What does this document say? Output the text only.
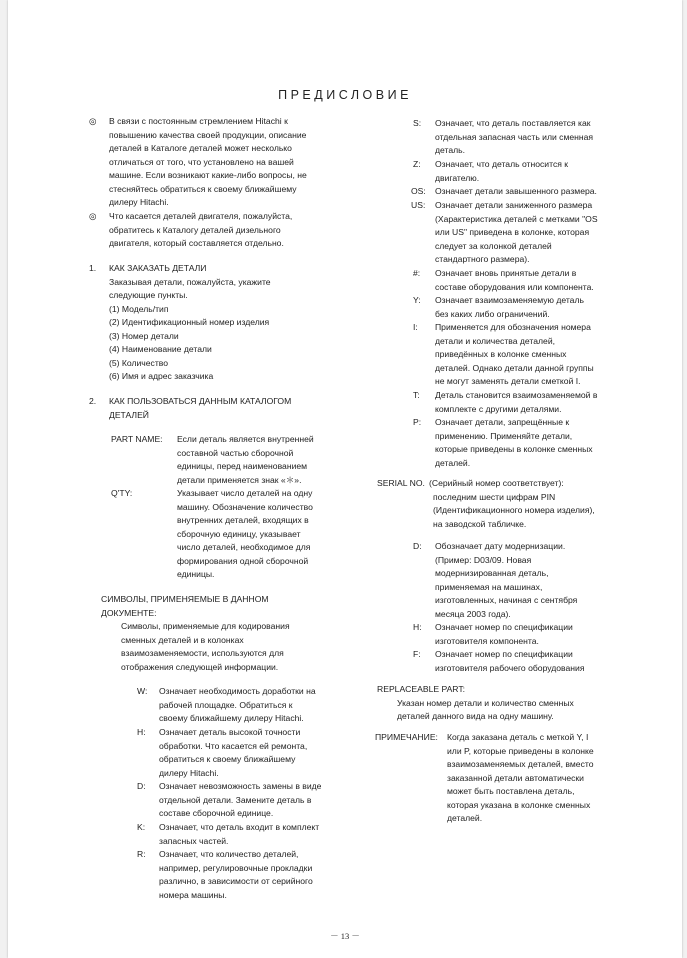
ПРЕДИСЛОВИЕ
◎ В связи с постоянным стремлением Hitachi к
повышению качества своей продукции, описание
деталей в Каталоге деталей может несколько
отличаться от того, что установлено на вашей
машине. Если возникают какие-либо вопросы, не
стесняйтесь обратиться к своему ближайшему
дилеру Hitachi.
◎ Что касается деталей двигателя, пожалуйста,
обратитесь к Каталогу деталей дизельного
двигателя, который составляется отдельно.
1. КАК ЗАКАЗАТЬ ДЕТАЛИ
Заказывая детали, пожалуйста, укажите
следующие пункты.
(1) Модель/тип
(2) Идентификационный номер изделия
(3) Номер детали
(4) Наименование детали
(5) Количество
(6) Имя и адрес заказчика
2. КАК ПОЛЬЗОВАТЬСЯ ДАННЫМ КАТАЛОГОМ
ДЕТАЛЕЙ
PART NAME: Если деталь является внутренней
составной частью сборочной
единицы, перед наименованием
детали применяется знак «＊».
Q'TY:	Указывает число деталей на одну
машину. Обозначение количество
внутренних деталей, входящих в
сборочную единицу, указывает
число деталей, необходимое для
формирования одной сборочной
единицы.
СИМВОЛЫ, ПРИМЕНЯЕМЫЕ В ДАННОМ
ДОКУМЕНТЕ:
Символы, применяемые для кодирования
сменных деталей и в колонках
взаимозаменяемости, используются для
отображения следующей информации.
W: Означает необходимость доработки на
рабочей площадке. Обратиться к
своему ближайшему дилеру Hitachi.
H: Означает деталь высокой точности
обработки. Что касается ей ремонта,
обратиться к своему ближайшему
дилеру Hitachi.
D: Означает невозможность замены в виде
отдельной детали. Замените деталь в
составе сборочной единице.
K: Означает, что деталь входит в комплект
запасных частей.
R: Означает, что количество деталей,
например, регулировочные прокладки
различно, в зависимости от серийного
номера машины.
S: Означает, что деталь поставляется как
отдельная запасная часть или сменная
деталь.
Z: Означает, что деталь относится к
двигателю.
OS: Означает детали завышенного размера.
US: Означает детали заниженного размера
(Характеристика деталей с метками "OS
или US" приведена в колонке, которая
следует за колонкой деталей
стандартного размера).
#: Означает вновь принятые детали в
составе оборудования или компонента.
Y: Означает взаимозаменяемую деталь
без каких либо ограничений.
I: Применяется для обозначения номера
детали и количества деталей,
приведённых в колонке сменных
деталей. Однако детали данной группы
не могут заменять детали сметкой I.
T: Деталь становится взаимозаменяемой в
комплекте с другими деталями.
P: Означает детали, запрещённые к
применению. Применяйте детали,
которые приведены в колонке сменных
деталей.
SERIAL NO. (Серийный номер соответствует):
последним шести цифрам PIN
(Идентификационного номера изделия),
на заводской табличке.
D: Обозначает дату модернизации.
(Пример: D03/09. Новая
модернизированная деталь,
применяемая на машинах,
изготовленных, начиная с сентября
месяца 2003 года).
H: Означает номер по спецификации
изготовителя компонента.
F: Означает номер по спецификации
изготовителя рабочего оборудования
REPLACEABLE PART:
Указан номер детали и количество сменных
деталей данного вида на одну машину.
ПРИМЕЧАНИЕ: Когда заказана деталь с меткой Y, I
или P, которые приведены в колонке
взаимозаменяемых деталей, вместо
заказанной детали автоматически
может быть поставлена деталь,
которая указана в колонке сменных
деталей.
－ 13 －
